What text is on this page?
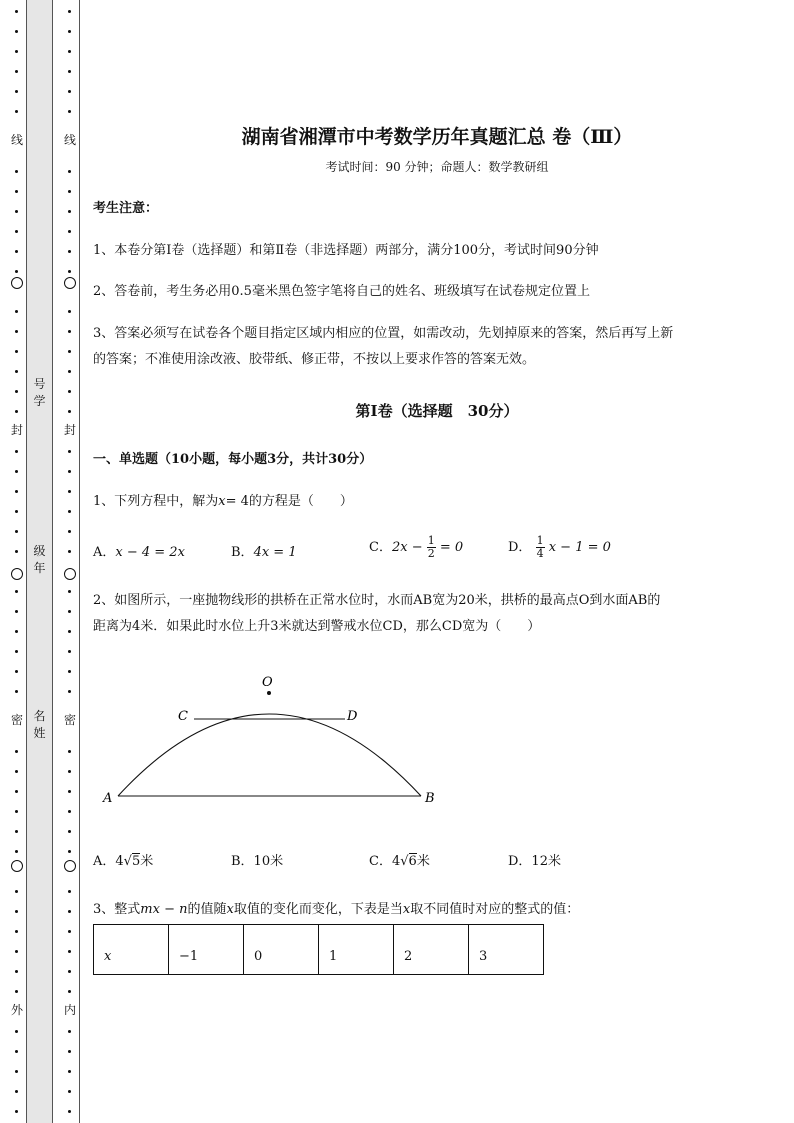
线
封
密
外
线
封
密
内
号学
级年
名姓
湖南省湘潭市中考数学历年真题汇总 卷（Ⅲ）
考试时间：90 分钟；命题人：数学教研组
考生注意：
1、本卷分第Ⅰ卷（选择题）和第Ⅱ卷（非选择题）两部分，满分100分，考试时间90分钟
2、答卷前，考生务必用0.5毫米黑色签字笔将自己的姓名、班级填写在试卷规定位置上
3、答案必须写在试卷各个题目指定区域内相应的位置，如需改动，先划掉原来的答案，然后再写上新
的答案；不准使用涂改液、胶带纸、修正带，不按以上要求作答的答案无效。
第Ⅰ卷（选择题　30分）
一、单选题（10小题，每小题3分，共计30分）
1、下列方程中，解为x= 4的方程是（　　）
A．x − 4 = 2x	B．4x = 1	C．$2x - \frac{1}{2} = 0$	D． $\frac{1}{4}$ x − 1 = 0
2、如图所示，一座抛物线形的拱桥在正常水位时，水而AB宽为20米，拱桥的最高点O到水面AB的
距离为4米．如果此时水位上升3米就达到警戒水位CD，那么CD宽为（　　）
O
C	D
A	B
A．4√5米	B．10米	C．4√6米	D．12米
3、整式mx − n的值随x取值的变化而变化，下表是当x取不同值时对应的整式的值：
x	−1	0	1	2	3
